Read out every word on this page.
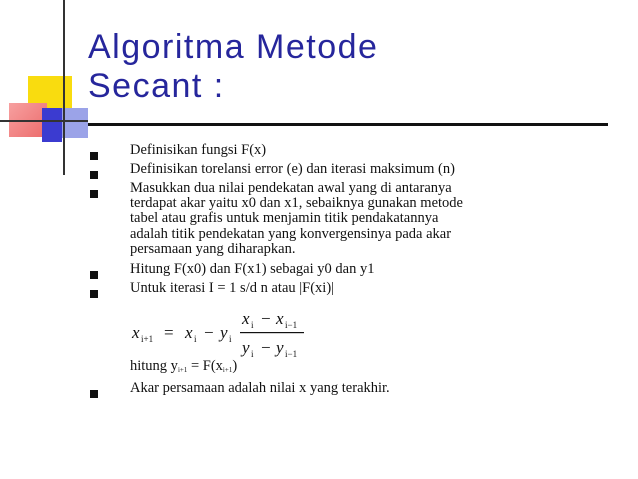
Algoritma Metode
Secant :
Definisikan fungsi F(x)
Definisikan torelansi error (e) dan iterasi maksimum (n)
Masukkan dua nilai pendekatan awal yang di antaranya
terdapat akar yaitu x0 dan x1, sebaiknya gunakan metode
tabel atau grafis untuk menjamin titik pendakatannya
adalah titik pendekatan yang konvergensinya pada akar
persamaan yang diharapkan.
Hitung F(x0) dan F(x1) sebagai y0 dan y1
Untuk iterasi I = 1 s/d n atau |F(xi)|
Akar persamaan adalah nilai x yang terakhir.
x i+1 = x i − y i
x i − x i−1
y i − y i−1
hitung $y_{i+1} = F(x_{i+1})$
